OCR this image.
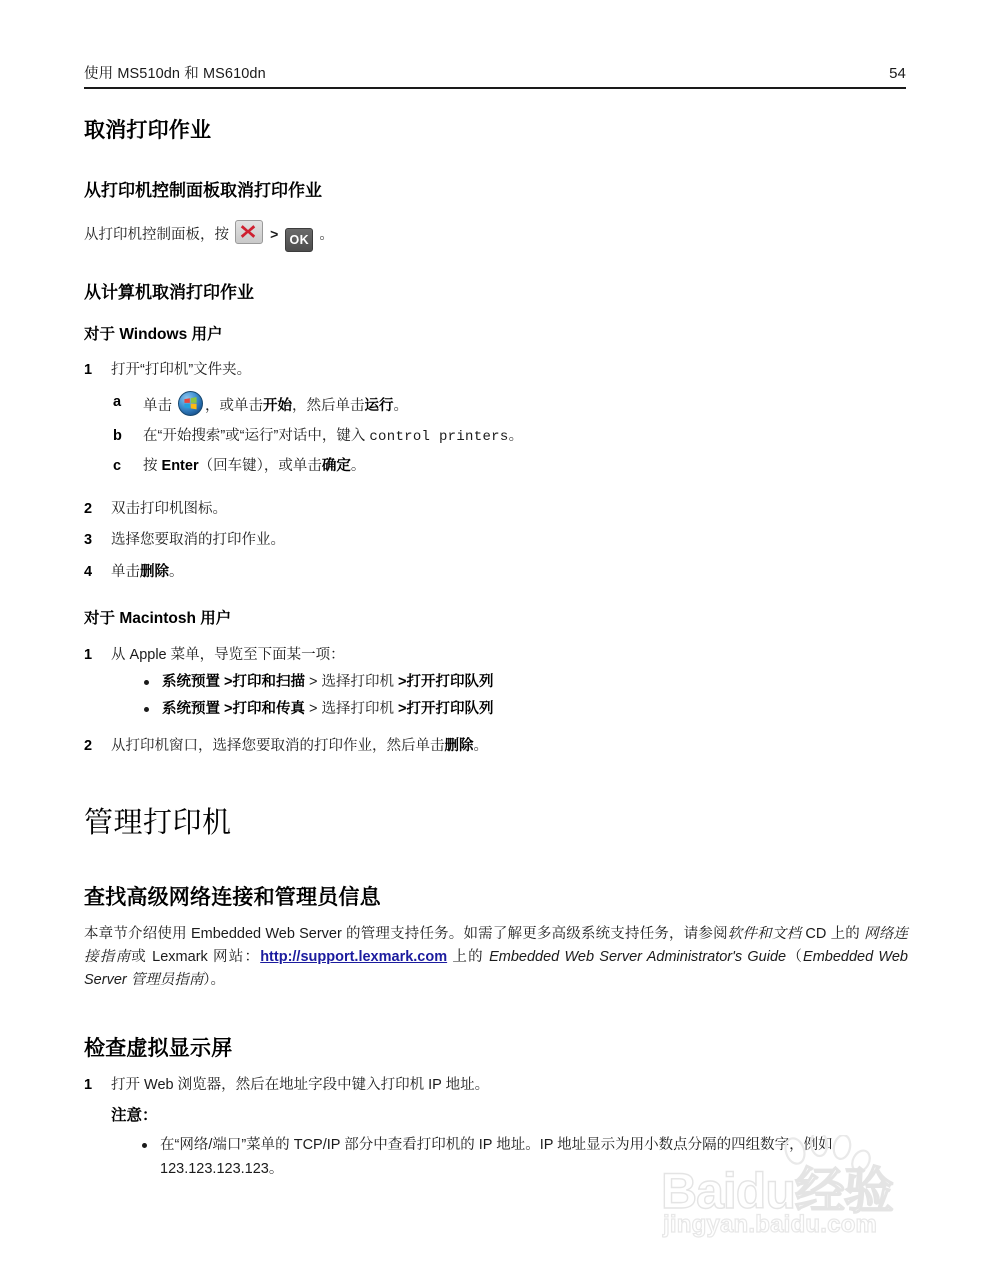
使用 MS510dn 和 MS610dn	54
取消打印作业
从打印机控制面板取消打印作业

从打印机控制面板，按	> OK 。

从计算机取消打印作业
对于 Windows 用户
1	打开“打印机”文件夹。
a 单击 ，或单击开始，然后单击运行。
b 在“开始搜索”或“运行”对话中，键入 control printers。
c 按 Enter（回车键），或单击确定。
2	双击打印机图标。
3	选择您要取消的打印作业。
4	单击删除。
对于 Macintosh 用户
1	从 Apple 菜单，导览至下面某一项：
系统预置 >打印和扫描 > 选择打印机 >打开打印队列
系统预置 >打印和传真 > 选择打印机 >打开打印队列
2	从打印机窗口，选择您要取消的打印作业，然后单击删除。
管理打印机
查找高级网络连接和管理员信息

本章节介绍使用 Embedded Web Server 的管理支持任务。如需了解更多高级系统支持任务，请参阅软件和文档 CD 上的 网络连接指南或 Lexmark 网站：http://support.lexmark.com 上的 Embedded Web Server Administrator's Guide（Embedded Web Server 管理员指南）。

检查虚拟显示屏
1	打开 Web 浏览器，然后在地址字段中键入打印机 IP 地址。
注意：
在“网络/端口”菜单的 TCP/IP 部分中查看打印机的 IP 地址。IP 地址显示为用小数点分隔的四组数字，例如 123.123.123.123。	Baidu经验
jingyan.baidu.com
